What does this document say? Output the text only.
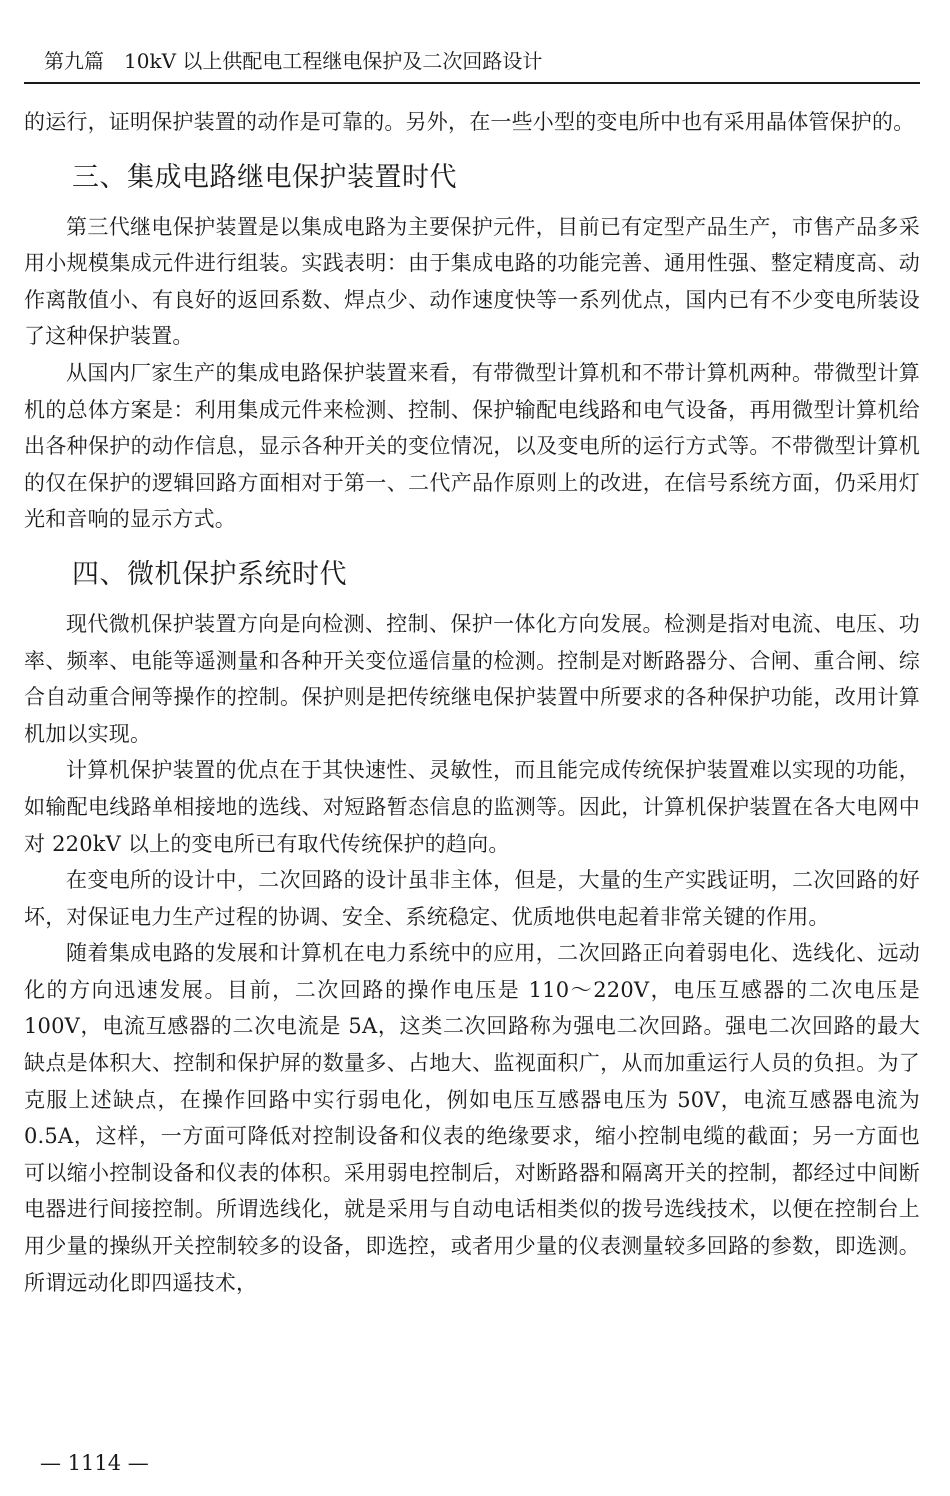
第九篇 10kV 以上供配电工程继电保护及二次回路设计

的运行，证明保护装置的动作是可靠的。另外，在一些小型的变电所中也有采用晶体管保护的。

三、集成电路继电保护装置时代

第三代继电保护装置是以集成电路为主要保护元件，目前已有定型产品生产，市售产品多采用小规模集成元件进行组装。实践表明：由于集成电路的功能完善、通用性强、整定精度高、动作离散值小、有良好的返回系数、焊点少、动作速度快等一系列优点，国内已有不少变电所装设了这种保护装置。

从国内厂家生产的集成电路保护装置来看，有带微型计算机和不带计算机两种。带微型计算机的总体方案是：利用集成元件来检测、控制、保护输配电线路和电气设备，再用微型计算机给出各种保护的动作信息，显示各种开关的变位情况，以及变电所的运行方式等。不带微型计算机的仅在保护的逻辑回路方面相对于第一、二代产品作原则上的改进，在信号系统方面，仍采用灯光和音响的显示方式。

四、微机保护系统时代

现代微机保护装置方向是向检测、控制、保护一体化方向发展。检测是指对电流、电压、功率、频率、电能等遥测量和各种开关变位遥信量的检测。控制是对断路器分、合闸、重合闸、综合自动重合闸等操作的控制。保护则是把传统继电保护装置中所要求的各种保护功能，改用计算机加以实现。

计算机保护装置的优点在于其快速性、灵敏性，而且能完成传统保护装置难以实现的功能，如输配电线路单相接地的选线、对短路暂态信息的监测等。因此，计算机保护装置在各大电网中对 220kV 以上的变电所已有取代传统保护的趋向。

在变电所的设计中，二次回路的设计虽非主体，但是，大量的生产实践证明，二次回路的好坏，对保证电力生产过程的协调、安全、系统稳定、优质地供电起着非常关键的作用。

随着集成电路的发展和计算机在电力系统中的应用，二次回路正向着弱电化、选线化、远动化的方向迅速发展。目前，二次回路的操作电压是 110～220V，电压互感器的二次电压是 100V，电流互感器的二次电流是 5A，这类二次回路称为强电二次回路。强电二次回路的最大缺点是体积大、控制和保护屏的数量多、占地大、监视面积广，从而加重运行人员的负担。为了克服上述缺点，在操作回路中实行弱电化，例如电压互感器电压为 50V，电流互感器电流为 0.5A，这样，一方面可降低对控制设备和仪表的绝缘要求，缩小控制电缆的截面；另一方面也可以缩小控制设备和仪表的体积。采用弱电控制后，对断路器和隔离开关的控制，都经过中间断电器进行间接控制。所谓选线化，就是采用与自动电话相类似的拨号选线技术，以便在控制台上用少量的操纵开关控制较多的设备，即选控，或者用少量的仪表测量较多回路的参数，即选测。所谓远动化即四遥技术，

— 1114 —
